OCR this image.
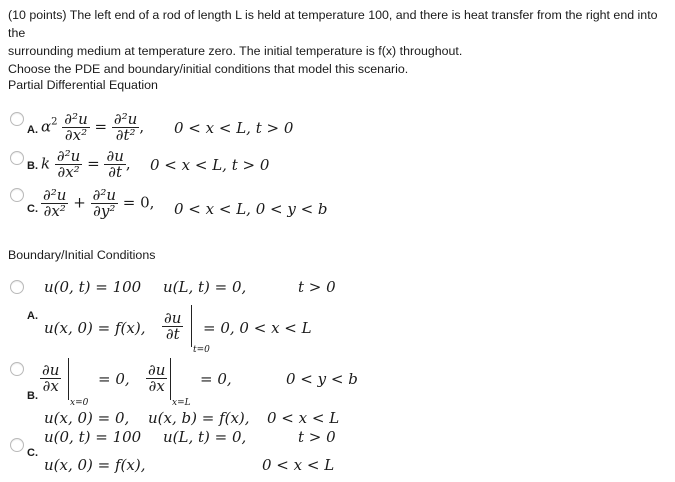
(10 points) The left end of a rod of length L is held at temperature 100, and there is heat transfer from the right end into the
surrounding medium at temperature zero. The initial temperature is f(x) throughout.
Choose the PDE and boundary/initial conditions that model this scenario.
Partial Differential Equation
A. $\alpha^2 \frac{\text{∂²u}}{\text{∂x²}} = \frac{\text{∂²u}}{\text{∂t²}}$ , 0 < x < L, t > 0
B. k $\frac{\text{∂²u}}{\text{∂x²}} = \frac{\partial u}{\partial t}$ , 0 < x < L, t > 0
C. $\frac{\text{∂²u}}{\text{∂x²}} + \frac{\text{∂²u}}{\text{∂y²}} = 0$, 0 < x < L, 0 < y < b
Boundary/Initial Conditions
A.
u(0, t) = 100 u(L, t) = 0,	t > 0
u(x, 0) = f(x), $\frac{\partial u}{\partial t}$
t=0
= 0, 0 < x < L
B.
$\frac{\partial u}{\partial x}$
x=0
= 0, $\frac{\partial u}{\partial x}$
x=L
= 0,	0 < y < b
u(x, 0) = 0, u(x, b) = f(x), 0 < x < L
C.
u(0, t) = 100 u(L, t) = 0,	t > 0
u(x, 0) = f(x),	0 < x < L
